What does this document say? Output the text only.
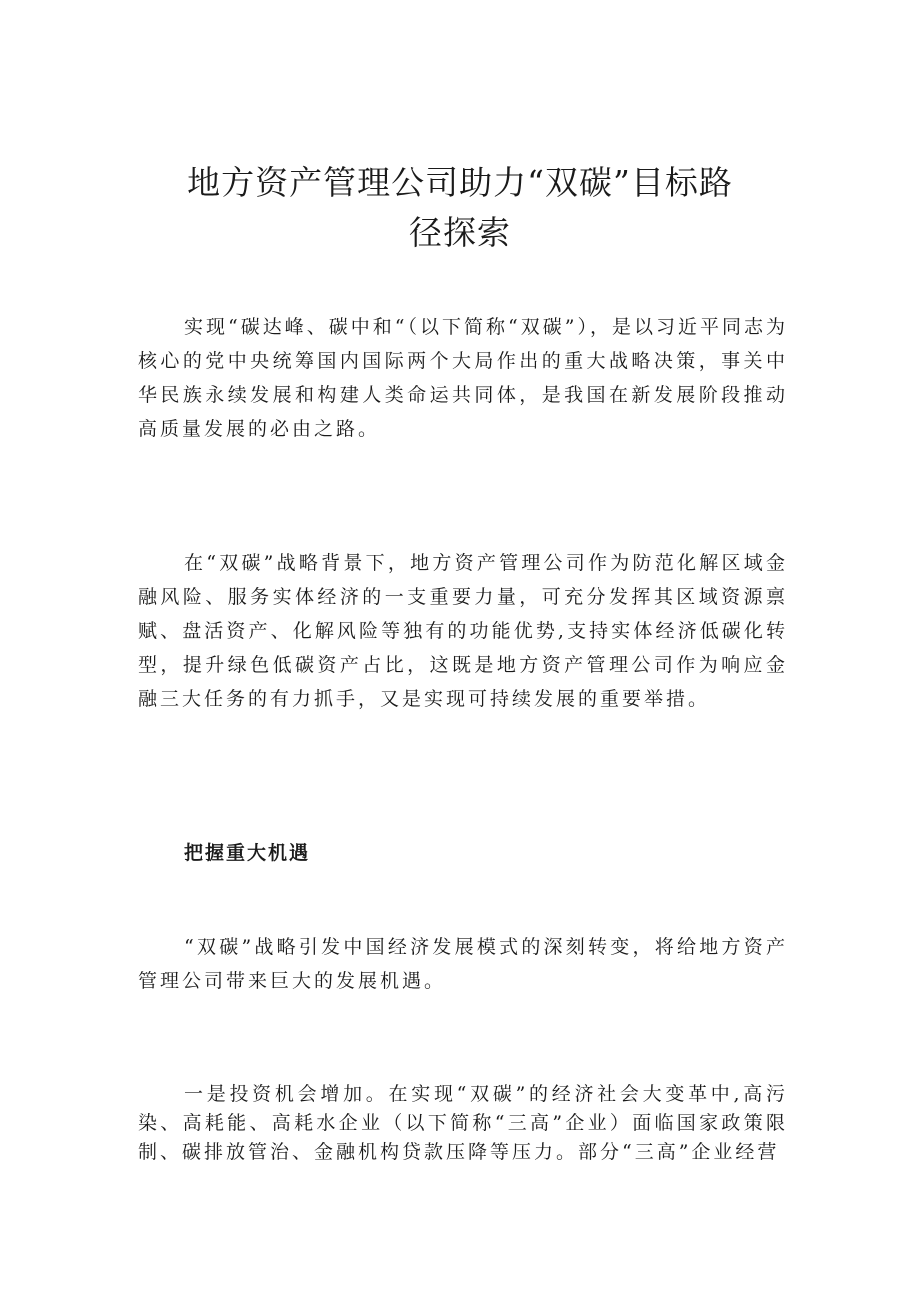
地方资产管理公司助力“双碳”目标路
径探索

实现“碳达峰、碳中和“（以下简称“双碳”），是以习近平同志为核心的党中央统筹国内国际两个大局作出的重大战略决策，事关中华民族永续发展和构建人类命运共同体，是我国在新发展阶段推动高质量发展的必由之路。

在“双碳”战略背景下，地方资产管理公司作为防范化解区域金融风险、服务实体经济的一支重要力量，可充分发挥其区域资源禀赋、盘活资产、化解风险等独有的功能优势,支持实体经济低碳化转型，提升绿色低碳资产占比，这既是地方资产管理公司作为响应金融三大任务的有力抓手，又是实现可持续发展的重要举措。

把握重大机遇

“双碳”战略引发中国经济发展模式的深刻转变，将给地方资产管理公司带来巨大的发展机遇。

一是投资机会增加。在实现“双碳”的经济社会大变革中,高污染、高耗能、高耗水企业（以下简称“三高”企业）面临国家政策限制、碳排放管治、金融机构贷款压降等压力。部分“三高”企业经营
